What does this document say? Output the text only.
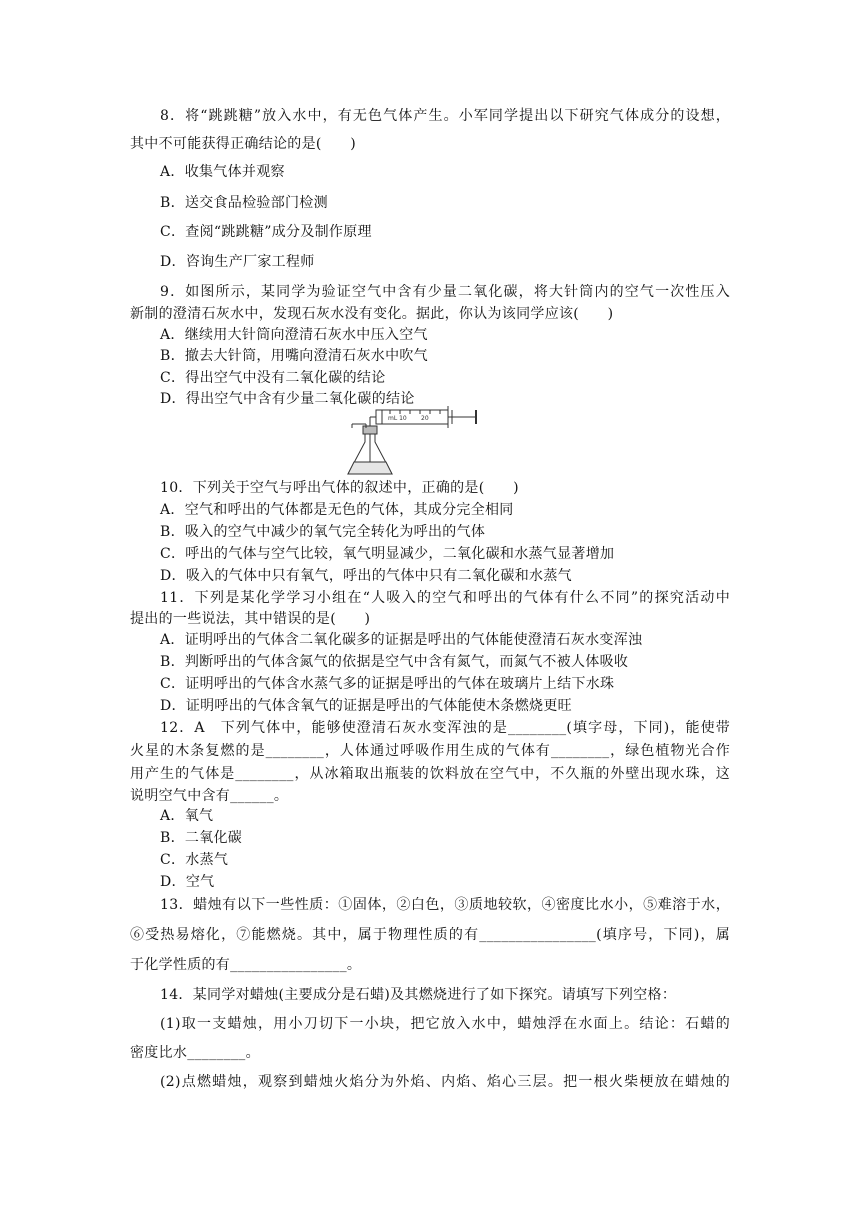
8．将“跳跳糖”放入水中，有无色气体产生。小军同学提出以下研究气体成分的设想，
其中不可能获得正确结论的是(　　)
A．收集气体并观察
B．送交食品检验部门检测
C．查阅“跳跳糖”成分及制作原理
D．咨询生产厂家工程师
9．如图所示，某同学为验证空气中含有少量二氧化碳，将大针筒内的空气一次性压入
新制的澄清石灰水中，发现石灰水没有变化。据此，你认为该同学应该(　　)
A．继续用大针筒向澄清石灰水中压入空气
B．撤去大针筒，用嘴向澄清石灰水中吹气
C．得出空气中没有二氧化碳的结论
D．得出空气中含有少量二氧化碳的结论
mL 10 20
10．下列关于空气与呼出气体的叙述中，正确的是(　　)
A．空气和呼出的气体都是无色的气体，其成分完全相同
B．吸入的空气中减少的氧气完全转化为呼出的气体
C．呼出的气体与空气比较，氧气明显减少，二氧化碳和水蒸气显著增加
D．吸入的气体中只有氧气，呼出的气体中只有二氧化碳和水蒸气
11．下列是某化学学习小组在“人吸入的空气和呼出的气体有什么不同”的探究活动中
提出的一些说法，其中错误的是(　　)
A．证明呼出的气体含二氧化碳多的证据是呼出的气体能使澄清石灰水变浑浊
B．判断呼出的气体含氮气的依据是空气中含有氮气，而氮气不被人体吸收
C．证明呼出的气体含水蒸气多的证据是呼出的气体在玻璃片上结下水珠
D．证明呼出的气体含氧气的证据是呼出的气体能使木条燃烧更旺
12．A　下列气体中，能够使澄清石灰水变浑浊的是________(填字母，下同)，能使带
火星的木条复燃的是________，人体通过呼吸作用生成的气体有________，绿色植物光合作
用产生的气体是________，从冰箱取出瓶装的饮料放在空气中，不久瓶的外壁出现水珠，这
说明空气中含有______。
A．氧气
B．二氧化碳
C．水蒸气
D．空气
13．蜡烛有以下一些性质：①固体，②白色，③质地较软，④密度比水小，⑤难溶于水，
⑥受热易熔化，⑦能燃烧。其中，属于物理性质的有________________(填序号，下同)，属
于化学性质的有________________。
14．某同学对蜡烛(主要成分是石蜡)及其燃烧进行了如下探究。请填写下列空格：
(1)取一支蜡烛，用小刀切下一小块，把它放入水中，蜡烛浮在水面上。结论：石蜡的
密度比水________。
(2)点燃蜡烛，观察到蜡烛火焰分为外焰、内焰、焰心三层。把一根火柴梗放在蜡烛的
